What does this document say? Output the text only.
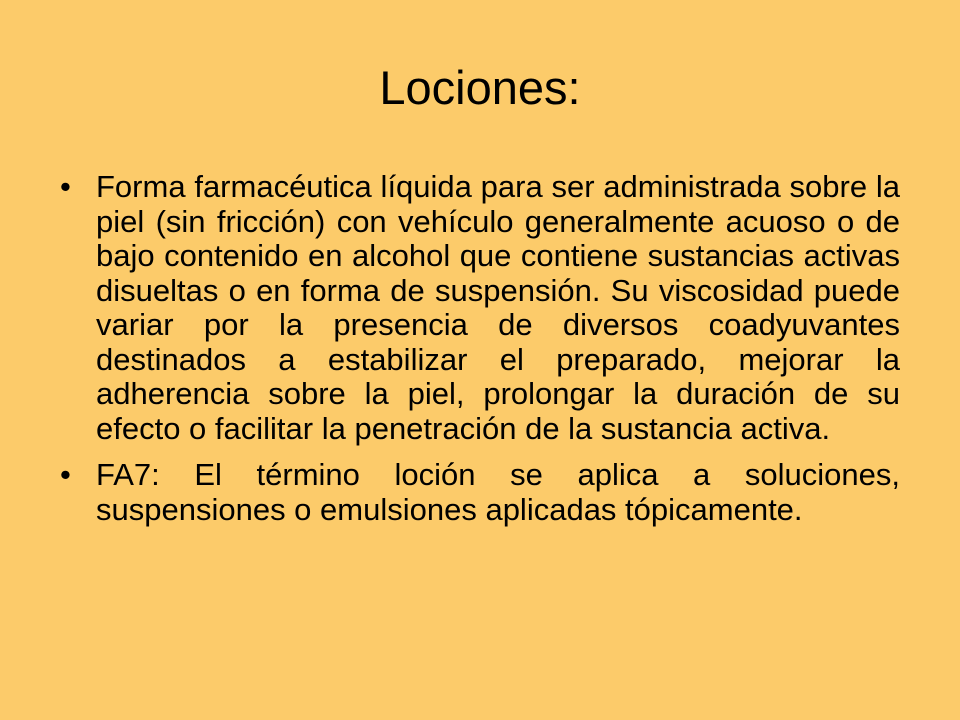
Lociones:
• Forma farmacéutica líquida para ser administrada sobre la piel (sin fricción) con vehículo generalmente acuoso o de bajo contenido en alcohol que contiene sustancias activas disueltas o en forma de suspensión. Su viscosidad puede variar por la presencia de diversos coadyuvantes destinados a estabilizar el preparado, mejorar la adherencia sobre la piel, prolongar la duración de su efecto o facilitar la penetración de la sustancia activa.
• FA7: El término loción se aplica a soluciones, suspensiones o emulsiones aplicadas tópicamente.
